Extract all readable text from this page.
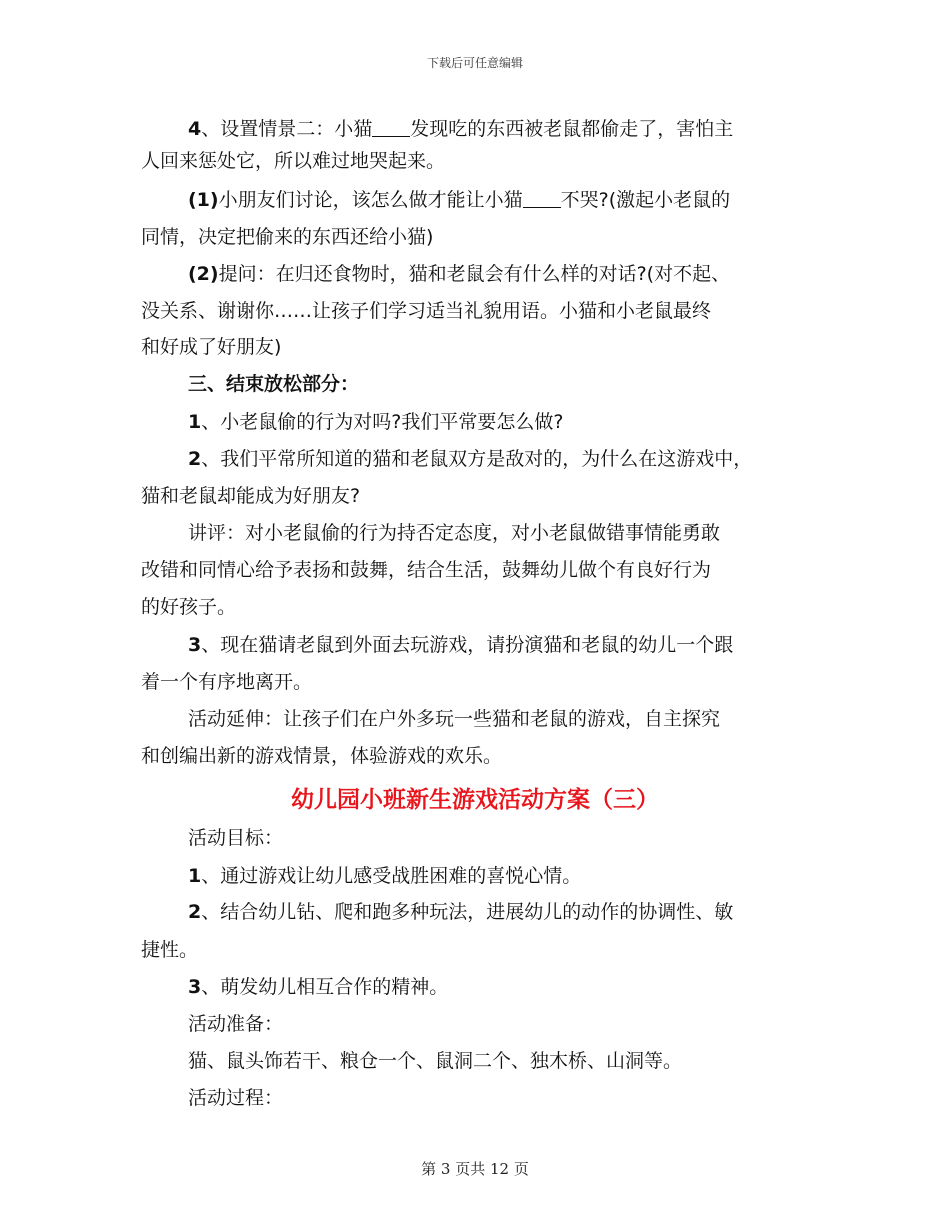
下载后可任意编辑
4、设置情景二：小猫 发现吃的东西被老鼠都偷走了，害怕主
人回来惩处它，所以难过地哭起来。
(1)小朋友们讨论，该怎么做才能让小猫 不哭?(激起小老鼠的
同情，决定把偷来的东西还给小猫)
(2)提问：在归还食物时，猫和老鼠会有什么样的对话?(对不起、
没关系、谢谢你……让孩子们学习适当礼貌用语。小猫和小老鼠最终
和好成了好朋友)
三、结束放松部分：
1、小老鼠偷的行为对吗?我们平常要怎么做?
2、我们平常所知道的猫和老鼠双方是敌对的，为什么在这游戏中，
猫和老鼠却能成为好朋友?
讲评：对小老鼠偷的行为持否定态度，对小老鼠做错事情能勇敢
改错和同情心给予表扬和鼓舞，结合生活，鼓舞幼儿做个有良好行为
的好孩子。
3、现在猫请老鼠到外面去玩游戏，请扮演猫和老鼠的幼儿一个跟
着一个有序地离开。
活动延伸：让孩子们在户外多玩一些猫和老鼠的游戏，自主探究
和创编出新的游戏情景，体验游戏的欢乐。
幼儿园小班新生游戏活动方案（三）
活动目标：
1、通过游戏让幼儿感受战胜困难的喜悦心情。
2、结合幼儿钻、爬和跑多种玩法，进展幼儿的动作的协调性、敏
捷性。
3、萌发幼儿相互合作的精神。
活动准备：
猫、鼠头饰若干、粮仓一个、鼠洞二个、独木桥、山洞等。
活动过程：
第 3 页共 12 页
